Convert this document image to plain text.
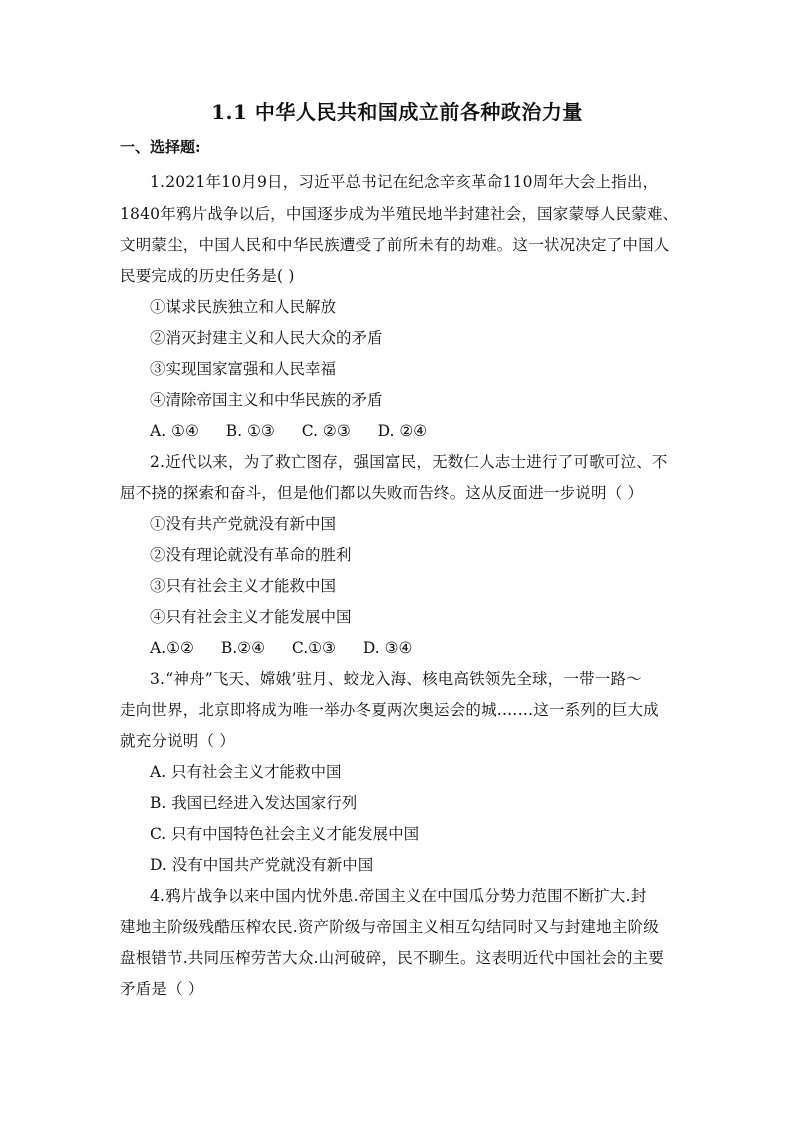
1.1 中华人民共和国成立前各种政治力量
一、选择题:
1.2021年10月9日，习近平总书记在纪念辛亥革命110周年大会上指出，
1840年鸦片战争以后，中国逐步成为半殖民地半封建社会，国家蒙辱人民蒙难、
文明蒙尘，中国人民和中华民族遭受了前所未有的劫难。这一状况决定了中国人
民要完成的历史任务是( )
①谋求民族独立和人民解放
②消灭封建主义和人民大众的矛盾
③实现国家富强和人民幸福
④清除帝国主义和中华民族的矛盾
A. ①④ B. ①③ C. ②③ D. ②④
2.近代以来，为了救亡图存，强国富民，无数仁人志士进行了可歌可泣、不
屈不挠的探索和奋斗，但是他们都以失败而告终。这从反面进一步说明（ ）
①没有共产党就没有新中国
②没有理论就没有革命的胜利
③只有社会主义才能救中国
④只有社会主义才能发展中国
A.①② B.②④ C.①③ D. ③④
3.“神舟”飞天、嫦娥’驻月、蛟龙入海、核电高铁领先全球，一带一路～
走向世界，北京即将成为唯一举办冬夏两次奥运会的城.……这一系列的巨大成
就充分说明（ ）
A. 只有社会主义才能救中国
B. 我国已经进入发达国家行列
C. 只有中国特色社会主义才能发展中国
D. 没有中国共产党就没有新中国
4.鸦片战争以来中国内忧外患.帝国主义在中国瓜分势力范围不断扩大.封
建地主阶级残酷压榨农民.资产阶级与帝国主义相互勾结同时又与封建地主阶级
盘根错节.共同压榨劳苦大众.山河破碎，民不聊生。这表明近代中国社会的主要
矛盾是（ ）
